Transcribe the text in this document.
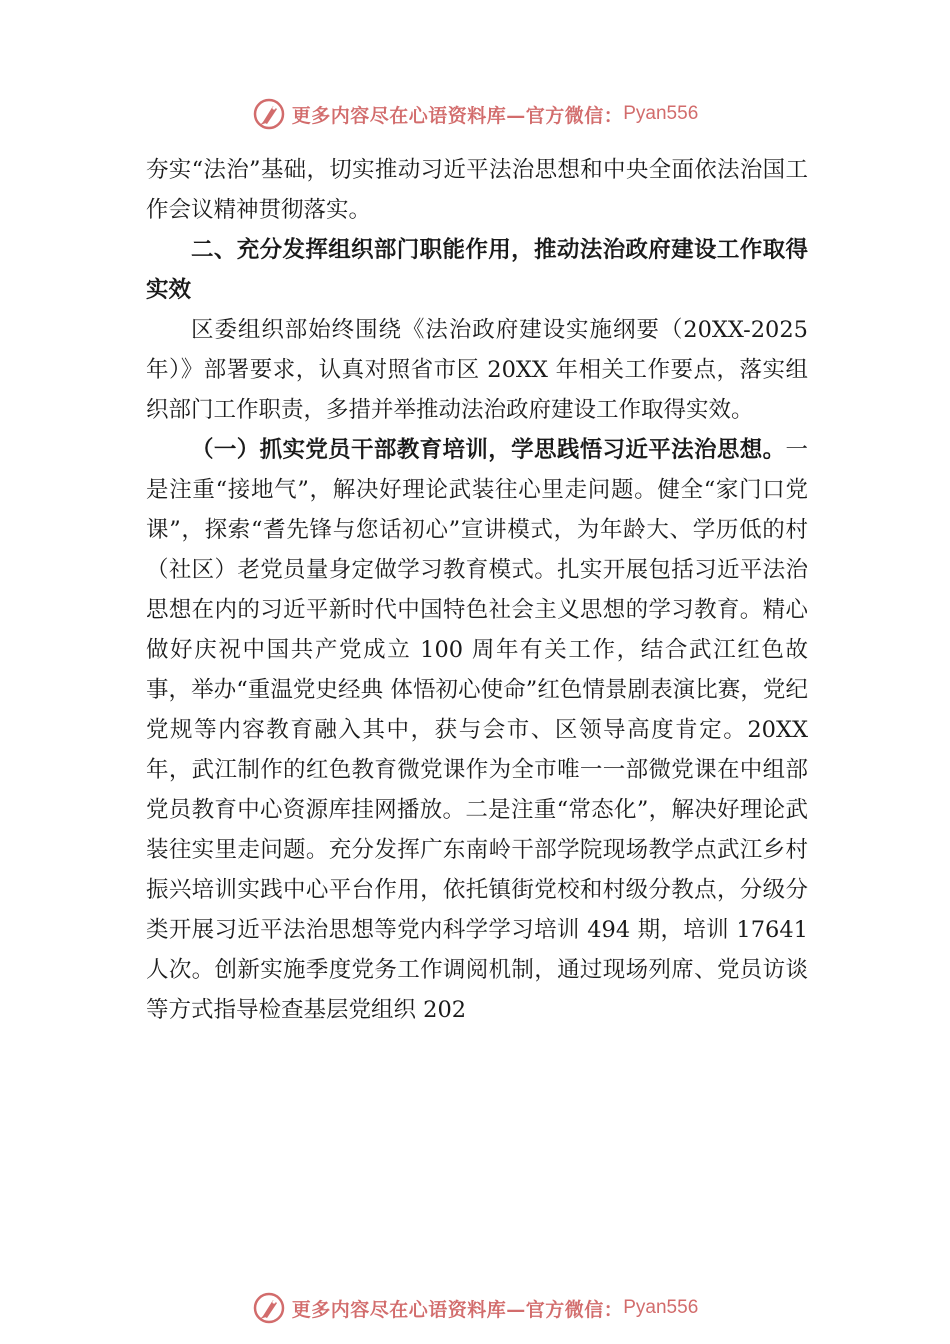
更多内容尽在心语资料库—官方微信： Pyan556

夯实“法治”基础，切实推动习近平法治思想和中央全面依法治国工作会议精神贯彻落实。

二、充分发挥组织部门职能作用，推动法治政府建设工作取得实效

区委组织部始终围绕《法治政府建设实施纲要（20XX-2025年）》部署要求，认真对照省市区 20XX 年相关工作要点，落实组织部门工作职责，多措并举推动法治政府建设工作取得实效。

（一）抓实党员干部教育培训，学思践悟习近平法治思想。一是注重“接地气”，解决好理论武装往心里走问题。健全“家门口党课”，探索“耆先锋与您话初心”宣讲模式，为年龄大、学历低的村（社区）老党员量身定做学习教育模式。扎实开展包括习近平法治思想在内的习近平新时代中国特色社会主义思想的学习教育。精心做好庆祝中国共产党成立 100 周年有关工作，结合武江红色故事，举办“重温党史经典 体悟初心使命”红色情景剧表演比赛，党纪党规等内容教育融入其中，获与会市、区领导高度肯定。20XX 年，武江制作的红色教育微党课作为全市唯一一部微党课在中组部党员教育中心资源库挂网播放。二是注重“常态化”，解决好理论武装往实里走问题。充分发挥广东南岭干部学院现场教学点武江乡村振兴培训实践中心平台作用，依托镇街党校和村级分教点，分级分类开展习近平法治思想等党内科学学习培训 494 期，培训 17641 人次。创新实施季度党务工作调阅机制，通过现场列席、党员访谈等方式指导检查基层党组织 202

更多内容尽在心语资料库—官方微信： Pyan556
